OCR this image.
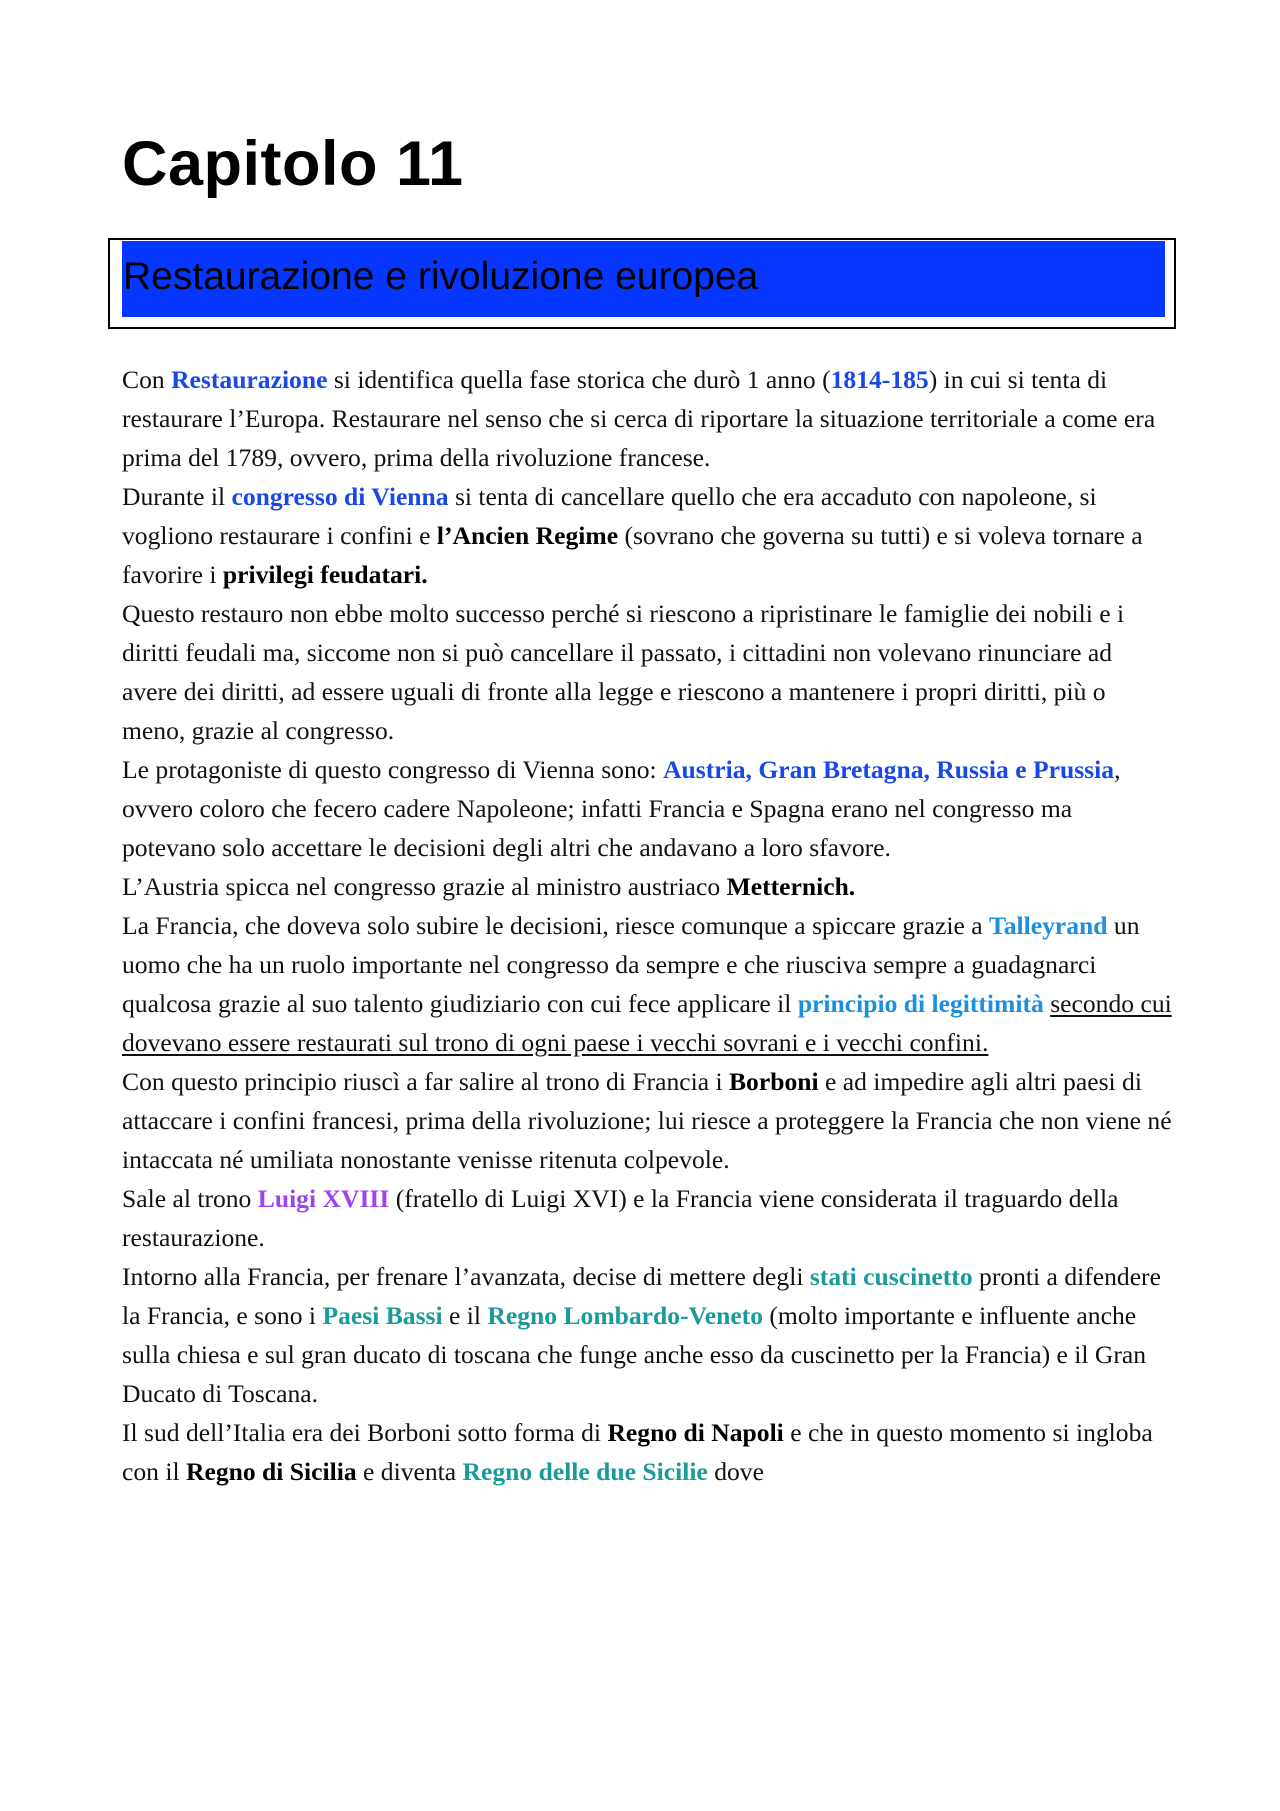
Capitolo 11
Restaurazione e rivoluzione europea

Con Restaurazione si identifica quella fase storica che durò 1 anno (1814-185) in cui si tenta di restaurare l’Europa. Restaurare nel senso che si cerca di riportare la situazione territoriale a come era prima del 1789, ovvero, prima della rivoluzione francese.

Durante il congresso di Vienna si tenta di cancellare quello che era accaduto con napoleone, si vogliono restaurare i confini e l’Ancien Regime (sovrano che governa su tutti) e si voleva tornare a favorire i privilegi feudatari.

Questo restauro non ebbe molto successo perché si riescono a ripristinare le famiglie dei nobili e i diritti feudali ma, siccome non si può cancellare il passato, i cittadini non volevano rinunciare ad avere dei diritti, ad essere uguali di fronte alla legge e riescono a mantenere i propri diritti, più o meno, grazie al congresso.

Le protagoniste di questo congresso di Vienna sono: Austria, Gran Bretagna, Russia e Prussia, ovvero coloro che fecero cadere Napoleone; infatti Francia e Spagna erano nel congresso ma potevano solo accettare le decisioni degli altri che andavano a loro sfavore.

L’Austria spicca nel congresso grazie al ministro austriaco Metternich.

La Francia, che doveva solo subire le decisioni, riesce comunque a spiccare grazie a Talleyrand un uomo che ha un ruolo importante nel congresso da sempre e che riusciva sempre a guadagnarci qualcosa grazie al suo talento giudiziario con cui fece applicare il principio di legittimità secondo cui dovevano essere restaurati sul trono di ogni paese i vecchi sovrani e i vecchi confini.

Con questo principio riuscì a far salire al trono di Francia i Borboni e ad impedire agli altri paesi di attaccare i confini francesi, prima della rivoluzione; lui riesce a proteggere la Francia che non viene né intaccata né umiliata nonostante venisse ritenuta colpevole.

Sale al trono Luigi XVIII (fratello di Luigi XVI) e la Francia viene considerata il traguardo della restaurazione.

Intorno alla Francia, per frenare l’avanzata, decise di mettere degli stati cuscinetto pronti a difendere la Francia, e sono i Paesi Bassi e il Regno Lombardo-Veneto (molto importante e influente anche sulla chiesa e sul gran ducato di toscana che funge anche esso da cuscinetto per la Francia) e il Gran Ducato di Toscana.

Il sud dell’Italia era dei Borboni sotto forma di Regno di Napoli e che in questo momento si ingloba con il Regno di Sicilia e diventa Regno delle due Sicilie dove
